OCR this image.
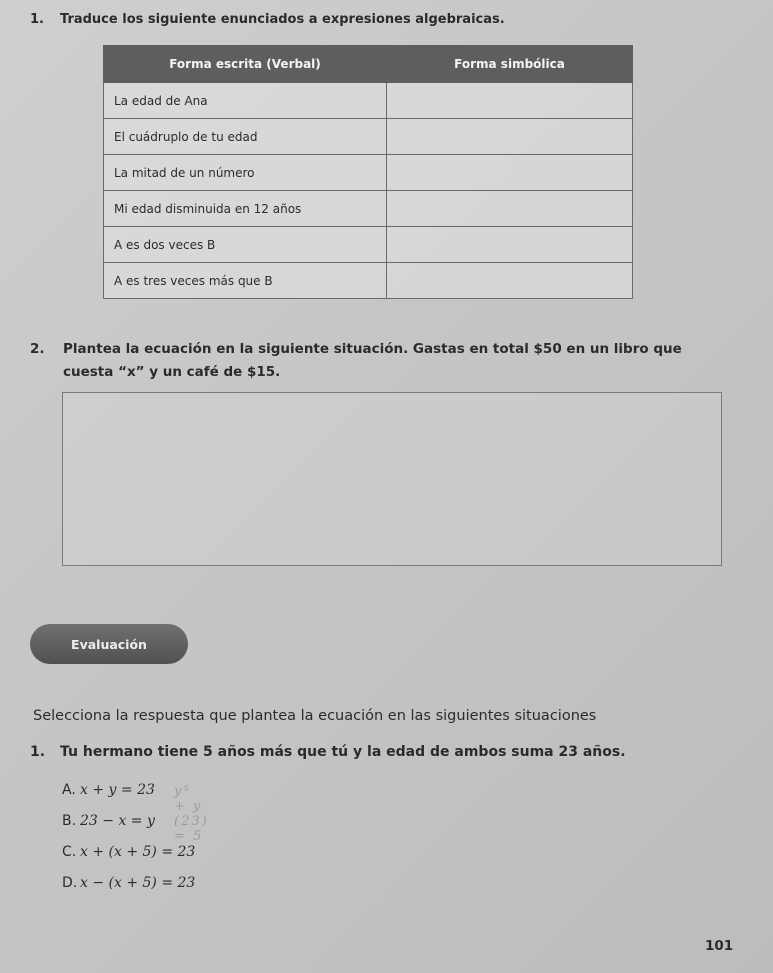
1. Traduce los siguiente enunciados a expresiones algebraicas.
Forma escrita (Verbal)	Forma simbólica
La edad de Ana	
El cuádruplo de tu edad	
La mitad de un número	
Mi edad disminuida en 12 años	
A es dos veces B	
A es tres veces más que B	
2. Plantea la ecuación en la siguiente situación. Gastas en total $50 en un libro que
cuesta “x” y un café de $15.
Evaluación
Selecciona la respuesta que plantea la ecuación en las siguientes situaciones
1. Tu hermano tiene 5 años más que tú y la edad de ambos suma 23 años.
A. x + y = 23 y⁵ + y (23) = 5
B. 23 − x = y
C. x + (x + 5) = 23
D. x − (x + 5) = 23
101
